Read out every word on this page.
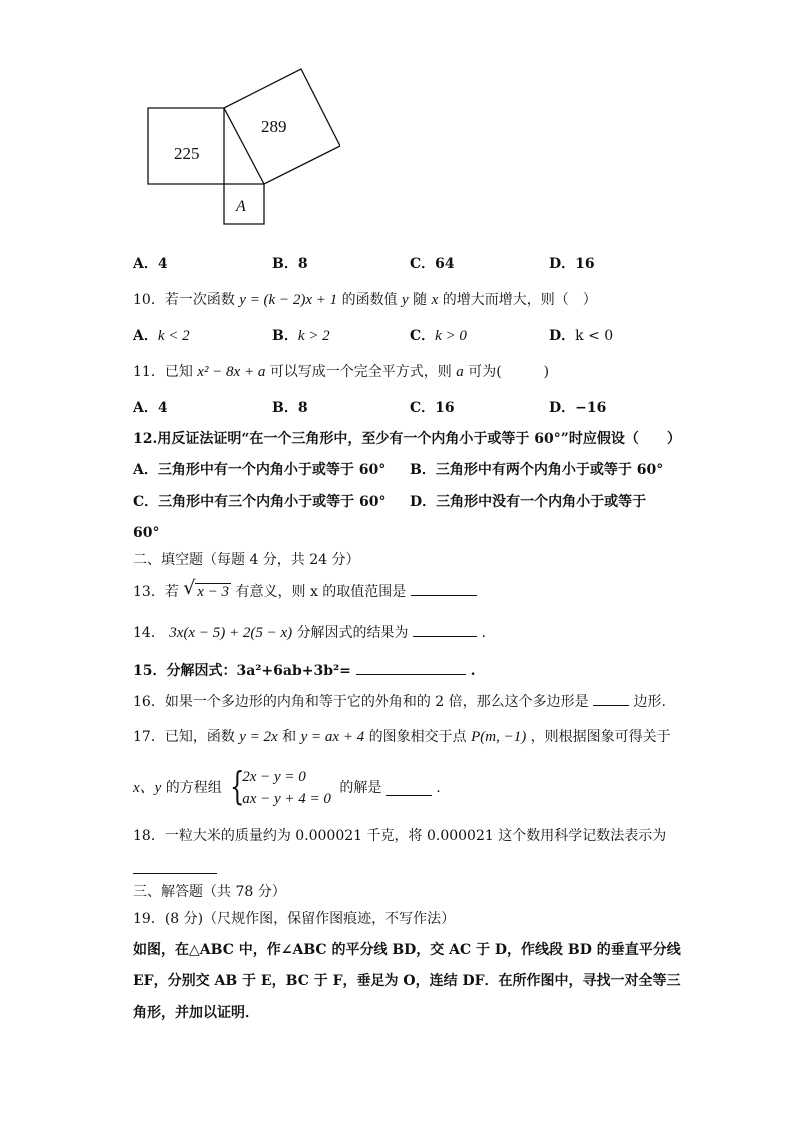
225
289
A
A．4	B．8	C．64	D．16
10．若一次函数 y = (k − 2)x + 1 的函数值 y 随 x 的增大而增大，则（　）
A．k < 2	B．k > 2	C．k > 0	D．k < 0
11．已知 x² − 8x + a 可以写成一个完全平方式，则 a 可为(　　　)
A．4	B．8	C．16	D．−16
12.用反证法证明“在一个三角形中，至少有一个内角小于或等于 60°”时应假设（　　）
A．三角形中有一个内角小于或等于 60° B．三角形中有两个内角小于或等于 60°
C．三角形中有三个内角小于或等于 60° D．三角形中没有一个内角小于或等于
60°
二、填空题（每题 4 分，共 24 分）
13．若 √ x − 3 有意义，则 x 的取值范围是
14． 3x(x − 5) + 2(5 − x) 分解因式的结果为	.
15．分解因式：3a²+6ab+3b²=	.
16．如果一个多边形的内角和等于它的外角和的 2 倍，那么这个多边形是	边形.
17．已知，函数 y = 2x 和 y = ax + 4 的图象相交于点 P(m, −1) ，则根据图象可得关于
x、y 的方程组 {
2x − y = 0
ax − y + 4 = 0
的解是	.
18．一粒大米的质量约为 0.000021 千克，将 0.000021 这个数用科学记数法表示为
三、解答题（共 78 分）
19．(8 分)（尺规作图，保留作图痕迹，不写作法）
如图，在△ABC 中，作∠ABC 的平分线 BD，交 AC 于 D，作线段 BD 的垂直平分线
EF，分别交 AB 于 E，BC 于 F，垂足为 O，连结 DF．在所作图中，寻找一对全等三
角形，并加以证明．
